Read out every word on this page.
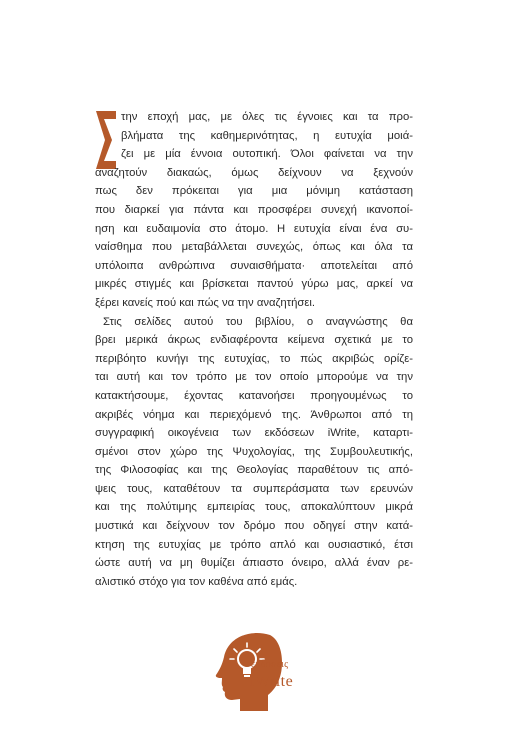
την εποχή μας, με όλες τις έγνοιες και τα προ-
βλήματα της καθημερινότητας, η ευτυχία μοιά-
ζει με μία έννοια ουτοπική. Όλοι φαίνεται να την
αναζητούν διακαώς, όμως δείχνουν να ξεχνούν
πως δεν πρόκειται για μια μόνιμη κατάσταση
που διαρκεί για πάντα και προσφέρει συνεχή ικανοποί-
ηση και ευδαιμονία στο άτομο. Η ευτυχία είναι ένα συ-
ναίσθημα που μεταβάλλεται συνεχώς, όπως και όλα τα
υπόλοιπα ανθρώπινα συναισθήματα· αποτελείται από
μικρές στιγμές και βρίσκεται παντού γύρω μας, αρκεί να
ξέρει κανείς πού και πώς να την αναζητήσει.
Στις σελίδες αυτού του βιβλίου, ο αναγνώστης θα
βρει μερικά άκρως ενδιαφέροντα κείμενα σχετικά με το
περιβόητο κυνήγι της ευτυχίας, το πώς ακριβώς ορίζε-
ται αυτή και τον τρόπο με τον οποίο μπορούμε να την
κατακτήσουμε, έχοντας κατανοήσει προηγουμένως το
ακριβές νόημα και περιεχόμενό της. Άνθρωποι από τη
συγγραφική οικογένεια των εκδόσεων iWrite, καταρτι-
σμένοι στον χώρο της Ψυχολογίας, της Συμβουλευτικής,
της Φιλοσοφίας και της Θεολογίας παραθέτουν τις από-
ψεις τους, καταθέτουν τα συμπεράσματα των ερευνών
και της πολύτιμης εμπειρίας τους, αποκαλύπτουν μικρά
μυστικά και δείχνουν τον δρόμο που οδηγεί στην κατά-
κτηση της ευτυχίας με τρόπο απλό και ουσιαστικό, έτσι
ώστε αυτή να μη θυμίζει άπιαστο όνειρο, αλλά έναν ρε-
αλιστικό στόχο για τον καθένα από εμάς.
εκδόσεις
iWrite
